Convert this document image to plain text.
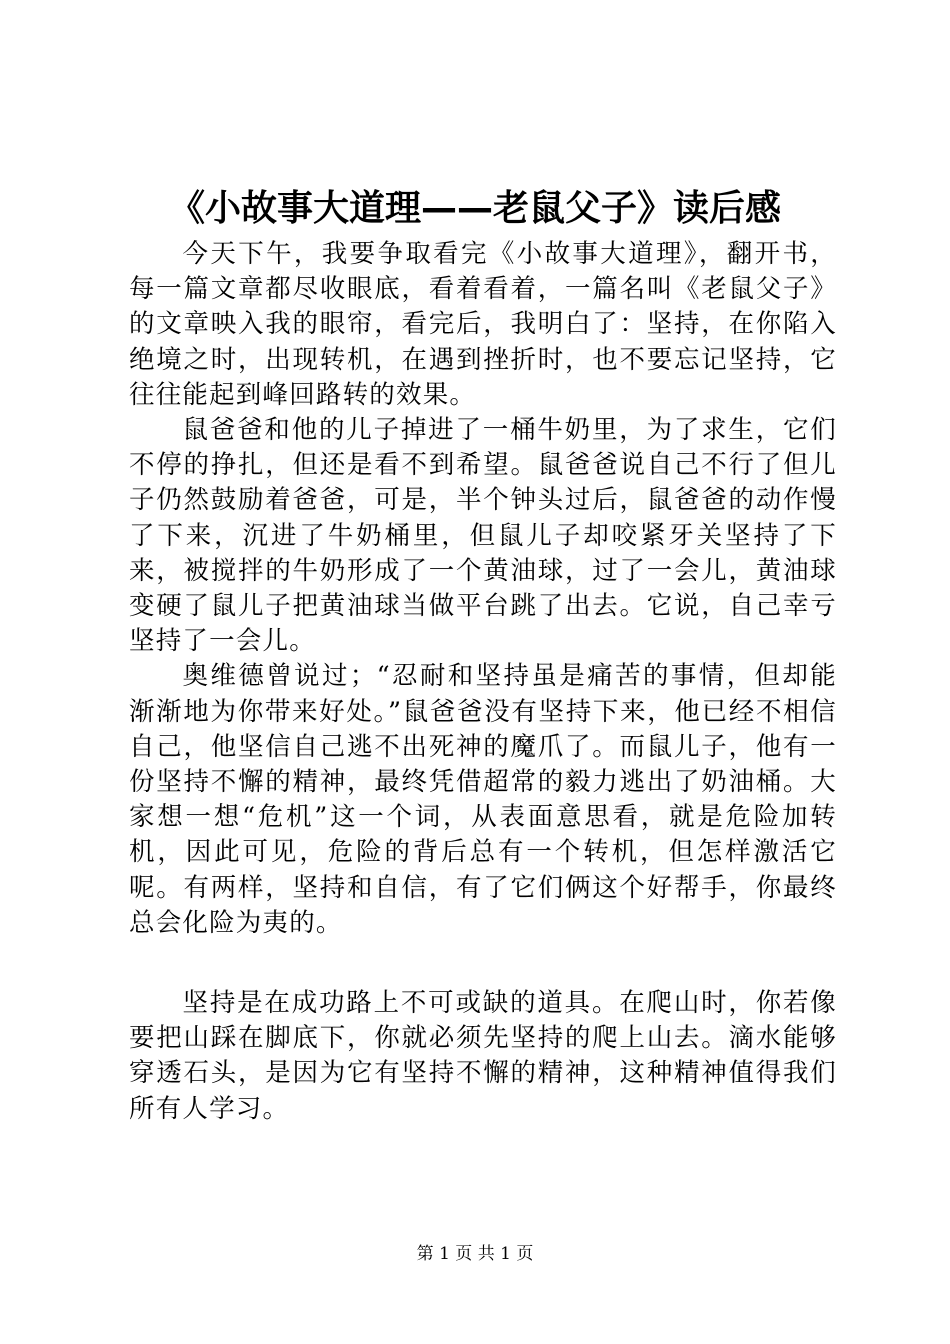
《小故事大道理——老鼠父子》读后感

今天下午，我要争取看完《小故事大道理》，翻开书，每一篇文章都尽收眼底，看着看着，一篇名叫《老鼠父子》的文章映入我的眼帘，看完后，我明白了：坚持，在你陷入绝境之时，出现转机，在遇到挫折时，也不要忘记坚持，它往往能起到峰回路转的效果。

鼠爸爸和他的儿子掉进了一桶牛奶里，为了求生，它们不停的挣扎，但还是看不到希望。鼠爸爸说自己不行了但儿子仍然鼓励着爸爸，可是，半个钟头过后，鼠爸爸的动作慢了下来，沉进了牛奶桶里，但鼠儿子却咬紧牙关坚持了下来，被搅拌的牛奶形成了一个黄油球，过了一会儿，黄油球变硬了鼠儿子把黄油球当做平台跳了出去。它说，自己幸亏坚持了一会儿。

奥维德曾说过；“忍耐和坚持虽是痛苦的事情，但却能渐渐地为你带来好处。”鼠爸爸没有坚持下来，他已经不相信自己，他坚信自己逃不出死神的魔爪了。而鼠儿子，他有一份坚持不懈的精神，最终凭借超常的毅力逃出了奶油桶。大家想一想“危机”这一个词，从表面意思看，就是危险加转机，因此可见，危险的背后总有一个转机，但怎样激活它呢。有两样，坚持和自信，有了它们俩这个好帮手，你最终总会化险为夷的。

坚持是在成功路上不可或缺的道具。在爬山时，你若像要把山踩在脚底下，你就必须先坚持的爬上山去。滴水能够穿透石头，是因为它有坚持不懈的精神，这种精神值得我们所有人学习。

第 1 页 共 1 页
